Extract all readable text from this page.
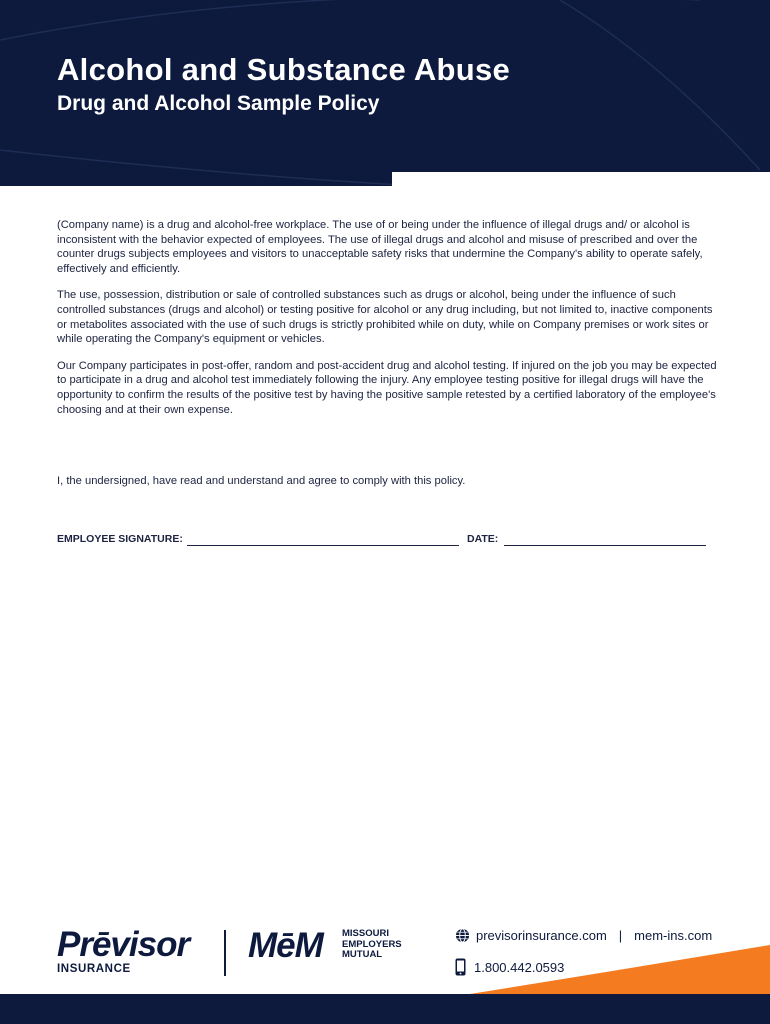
Alcohol and Substance Abuse
Drug and Alcohol Sample Policy

(Company name) is a drug and alcohol-free workplace. The use of or being under the influence of illegal drugs and/ or alcohol is inconsistent with the behavior expected of employees. The use of illegal drugs and alcohol and misuse of prescribed and over the counter drugs subjects employees and visitors to unacceptable safety risks that undermine the Company's ability to operate safely, effectively and efficiently.

The use, possession, distribution or sale of controlled substances such as drugs or alcohol, being under the influence of such controlled substances (drugs and alcohol) or testing positive for alcohol or any drug including, but not limited to, inactive components or metabolites associated with the use of such drugs is strictly prohibited while on duty, while on Company premises or work sites or while operating the Company's equipment or vehicles.

Our Company participates in post-offer, random and post-accident drug and alcohol testing. If injured on the job you may be expected to participate in a drug and alcohol test immediately following the injury. Any employee testing positive for illegal drugs will have the opportunity to confirm the results of the positive test by having the positive sample retested by a certified laboratory of the employee's choosing and at their own expense.

I, the undersigned, have read and understand and agree to comply with this policy.
EMPLOYEE SIGNATURE:	DATE:
Prēvisor
INSURANCE
MēM MISSOURI
EMPLOYERS
MUTUAL
previsorinsurance.com | mem-ins.com
1.800.442.0593
